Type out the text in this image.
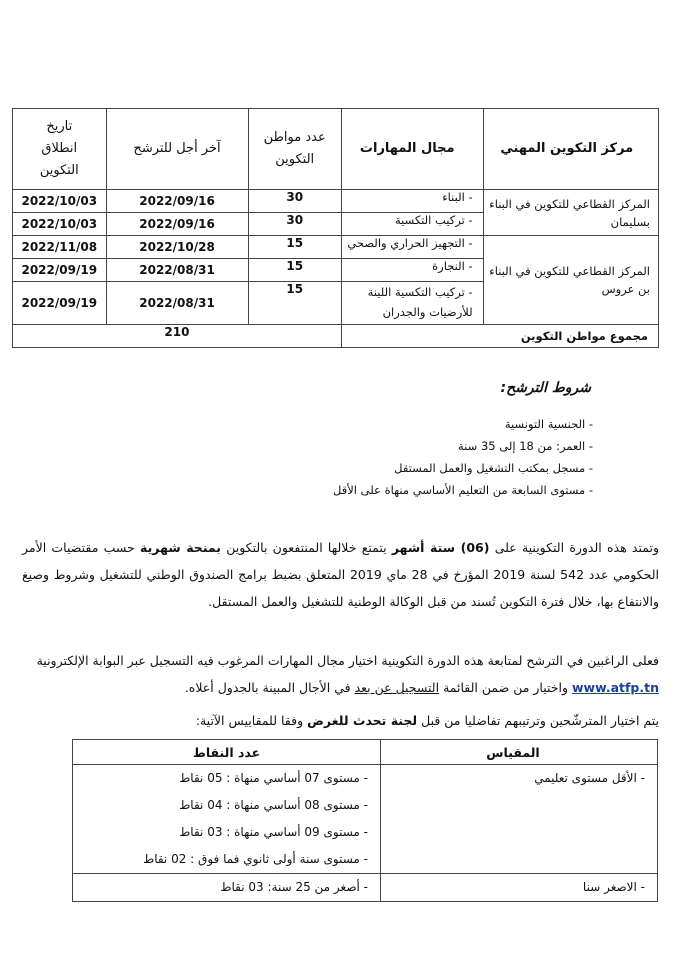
مركز التكوين المهني	مجال المهارات	عدد مواطن التكوين	آخر أجل للترشح	تاريخ انطلاق التكوين
المركز القطاعي للتكوين في البناء بسليمان	- البناء	30	2022/09/16	2022/10/03
	- تركيب التكسية	30	2022/09/16	2022/10/03
المركز القطاعي للتكوين في البناء بن عروس	- التجهيز الحراري والصحي	15	2022/10/28	2022/11/08
	- النجارة	15	2022/08/31	2022/09/19
	- تركيب التكسية اللينة للأرضيات والجدران	15	2022/08/31	2022/09/19
مجموع مواطن التكوين		210		
شروط الترشح:
- الجنسية التونسية
- العمر: من 18 إلى 35 سنة
- مسجل بمكتب التشغيل والعمل المستقل
- مستوى السابعة من التعليم الأساسي منهاة على الأقل
وتمتد هذه الدورة التكوينية على (06) ستة أشهر يتمتع خلالها المنتفعون بالتكوين بمنحة شهرية حسب مقتضيات الأمر الحكومي عدد 542 لسنة 2019 المؤرخ في 28 ماي 2019 المتعلق بضبط برامج الصندوق الوطني للتشغيل وشروط وصيغ والانتفاع بها، خلال فترة التكوين تُسند من قبل الوكالة الوطنية للتشغيل والعمل المستقل.
فعلى الراغبين في الترشح لمتابعة هذه الدورة التكوينية اختيار مجال المهارات المرغوب فيه التسجيل عبر البوابة الإلكترونية www.atfp.tn واختيار من ضمن القائمة التسجيل عن بعد في الأجال المبينة بالجدول أعلاه.
يتم اختيار المترشّحين وترتيبهم تفاضليا من قبل لجنة تحدث للغرض وفقا للمقاييس الآتية:
المقياس	عدد النقاط

- الأقل مستوى تعليمي	- مستوى 07 أساسي منهاة : 05 نقاط
- مستوى 08 أساسي منهاة : 04 نقاط
- مستوى 09 أساسي منهاة : 03 نقاط
- مستوى سنة أولى ثانوي فما فوق : 02 نقاط

- الاصغر سنا	- أصغر من 25 سنة: 03 نقاط
